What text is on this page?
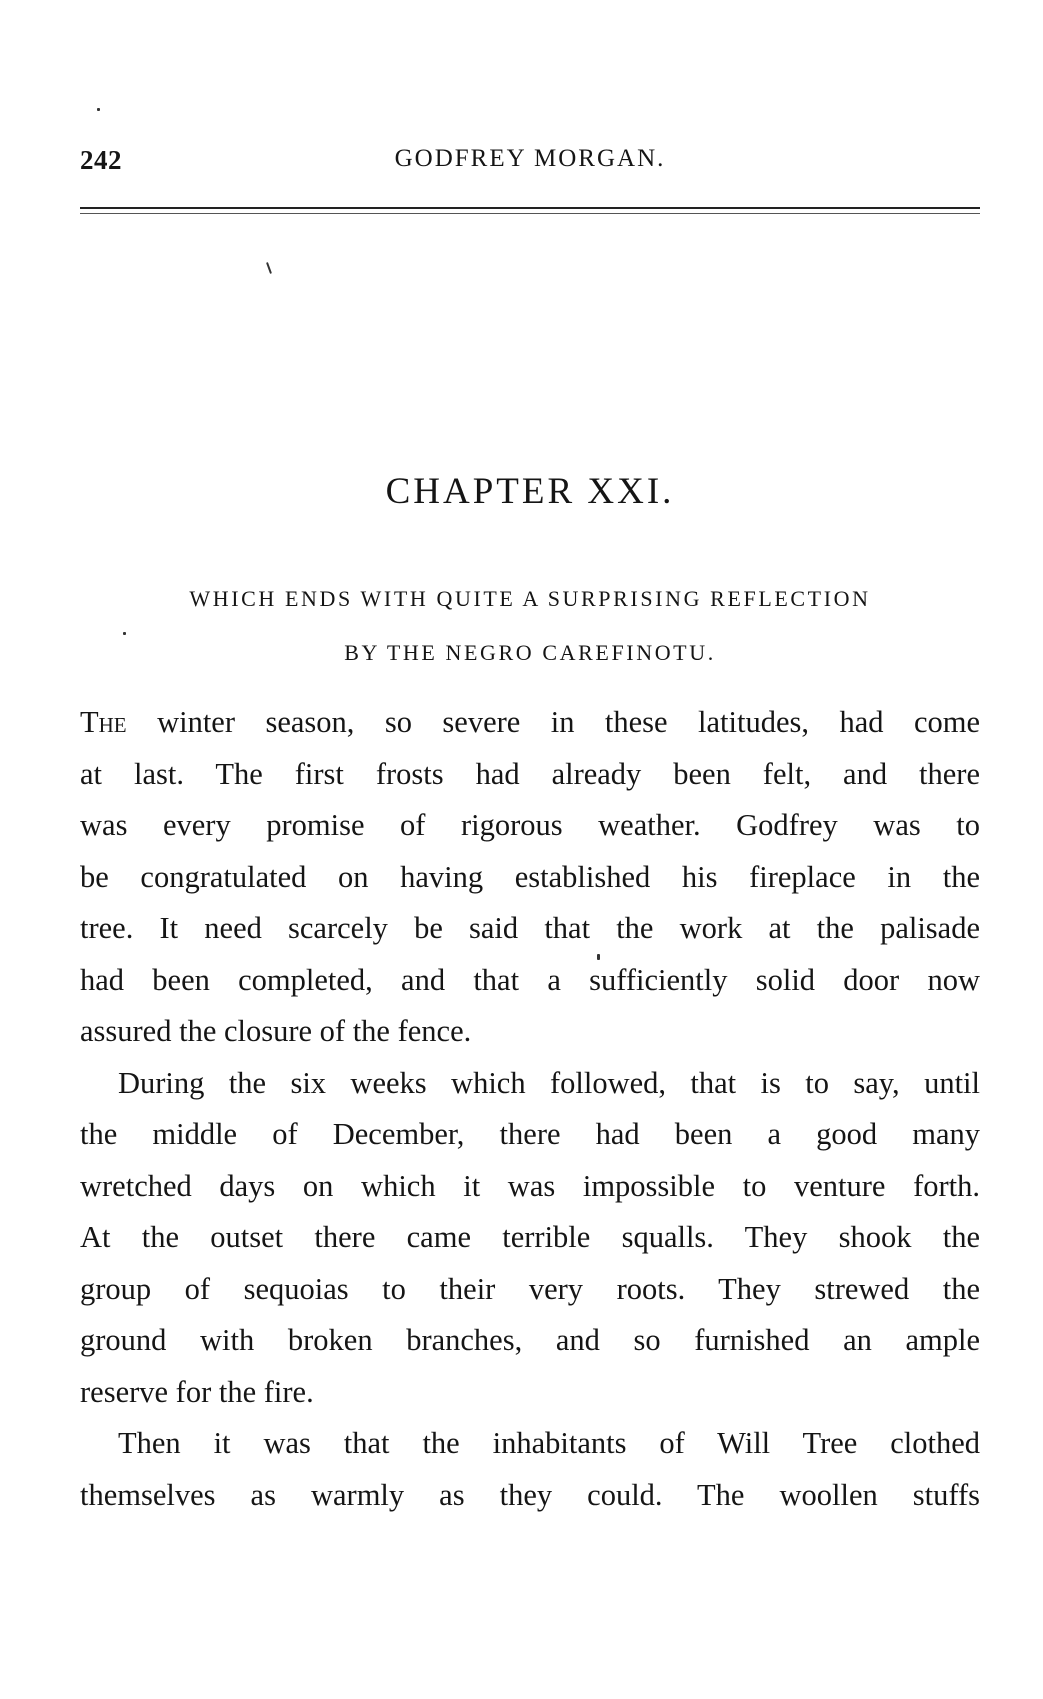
242	GODFREY MORGAN.
CHAPTER XXI.
WHICH ENDS WITH QUITE A SURPRISING REFLECTION
BY THE NEGRO CAREFINOTU.
The winter season, so severe in these latitudes, had come
at last. The first frosts had already been felt, and there
was every promise of rigorous weather. Godfrey was to
be congratulated on having established his fireplace in the
tree. It need scarcely be said that the work at the palisade
had been completed, and that a sufficiently solid door now
assured the closure of the fence.
During the six weeks which followed, that is to say, until
the middle of December, there had been a good many
wretched days on which it was impossible to venture forth.
At the outset there came terrible squalls. They shook the
group of sequoias to their very roots. They strewed the
ground with broken branches, and so furnished an ample
reserve for the fire.
Then it was that the inhabitants of Will Tree clothed
themselves as warmly as they could. The woollen stuffs
